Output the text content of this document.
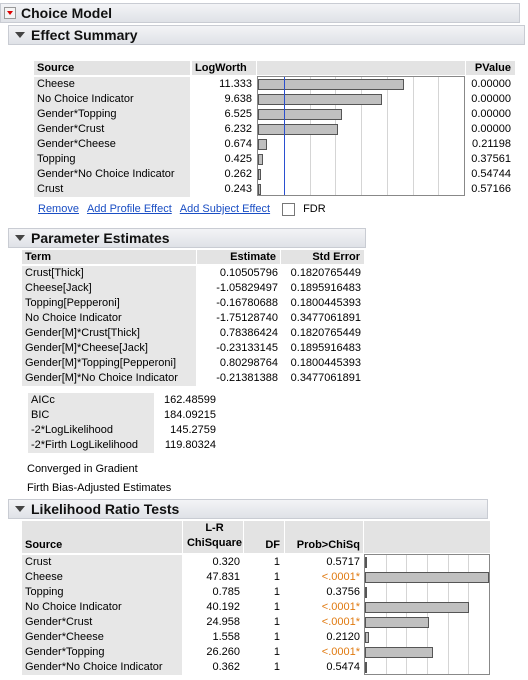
Choice Model
Effect Summary
Source	LogWorth	PValue
Cheese	11.333	0.00000
No Choice Indicator	9.638	0.00000
Gender*Topping	6.525	0.00000
Gender*Crust	6.232	0.00000
Gender*Cheese	0.674	0.21198
Topping	0.425	0.37561
Gender*No Choice Indicator	0.262	0.54744
Crust	0.243	0.57166
Remove Add Profile Effect Add Subject Effect	FDR
Parameter Estimates
Term	Estimate	Std Error
Crust[Thick]	0.10505796	0.1820765449
Cheese[Jack]	-1.05829497	0.1895916483
Topping[Pepperoni]	-0.16780688	0.1800445393
No Choice Indicator	-1.75128740	0.3477061891
Gender[M]*Crust[Thick]	0.78386424	0.1820765449
Gender[M]*Cheese[Jack]	-0.23133145	0.1895916483
Gender[M]*Topping[Pepperoni]	0.80298764	0.1800445393
Gender[M]*No Choice Indicator	-0.21381388	0.3477061891
AICc	162.48599
BIC	184.09215
-2*LogLikelihood	145.2759
-2*Firth LogLikelihood	119.80324
Converged in Gradient
Firth Bias-Adjusted Estimates
Likelihood Ratio Tests
Source
L-R
ChiSquare	DF	Prob>ChiSq
Crust	0.320	1	0.5717
Cheese	47.831	1	<.0001*
Topping	0.785	1	0.3756
No Choice Indicator	40.192	1	<.0001*
Gender*Crust	24.958	1	<.0001*
Gender*Cheese	1.558	1	0.2120
Gender*Topping	26.260	1	<.0001*
Gender*No Choice Indicator	0.362	1	0.5474
